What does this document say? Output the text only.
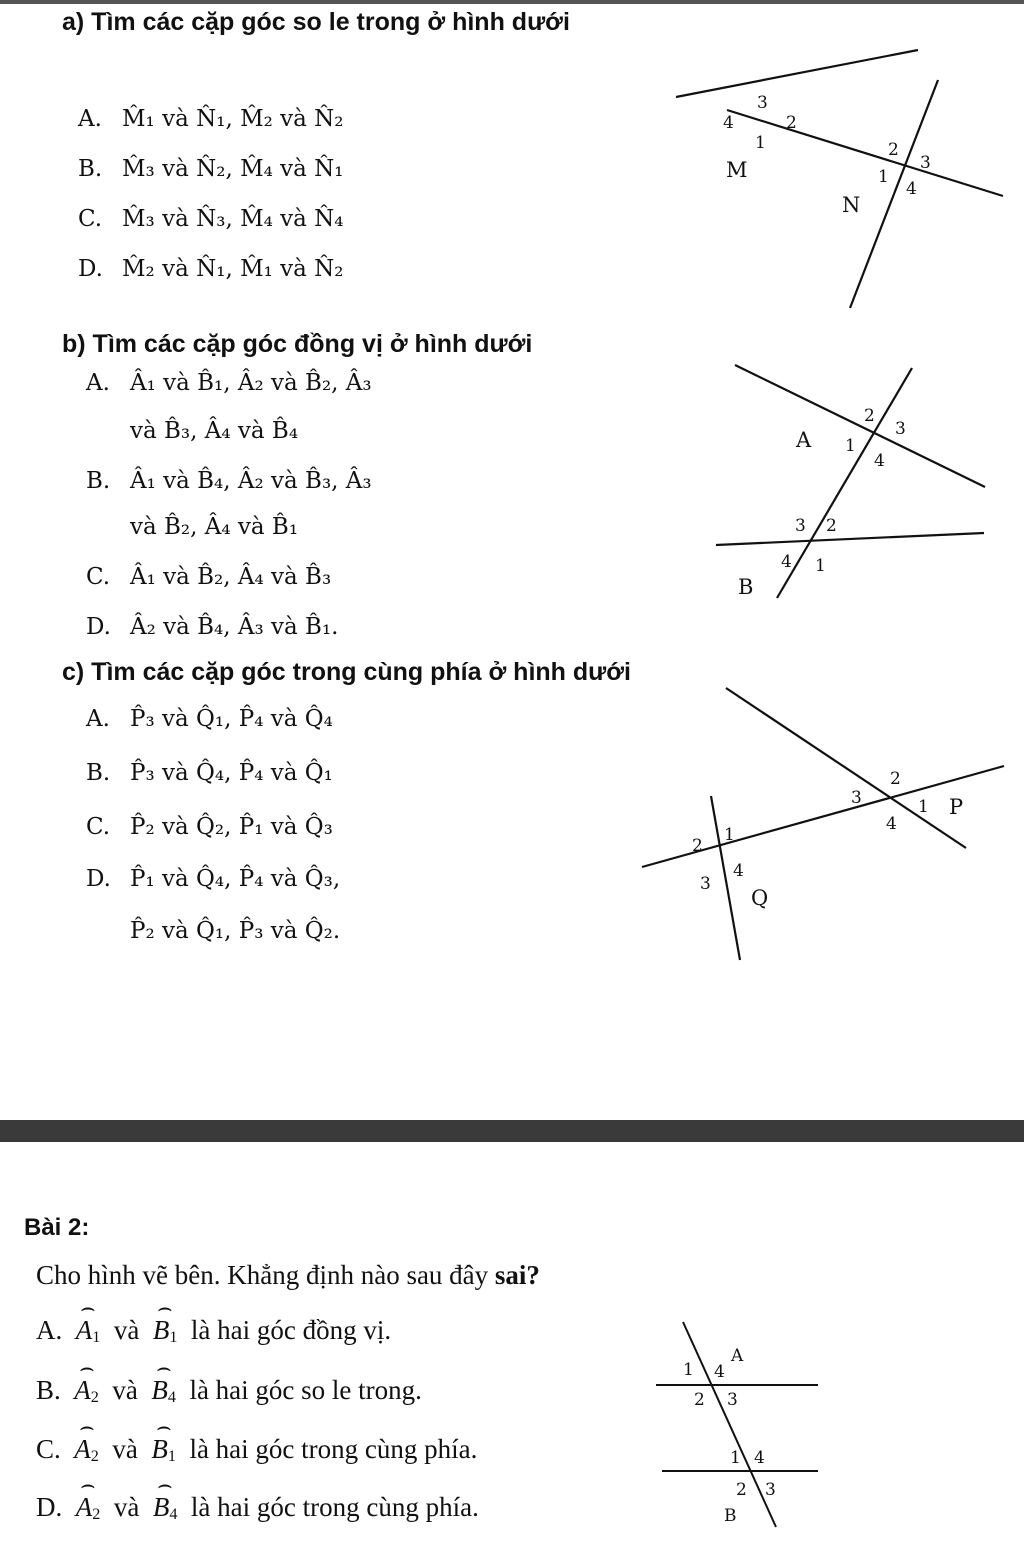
a) Tìm các cặp góc so le trong ở hình dưới
A. M̂₁ và N̂₁, M̂₂ và N̂₂
B. M̂₃ và N̂₂, M̂₄ và N̂₁
C. M̂₃ và N̂₃, M̂₄ và N̂₄
D. M̂₂ và N̂₁, M̂₁ và N̂₂
3
4	2
1
M
2
3
1
4
N
b) Tìm các cặp góc đồng vị ở hình dưới
A. Â₁ và B̂₁, Â₂ và B̂₂, Â₃
và B̂₃, Â₄ và B̂₄
B. Â₁ và B̂₄, Â₂ và B̂₃, Â₃
và B̂₂, Â₄ và B̂₁
C. Â₁ và B̂₂, Â₄ và B̂₃
D. Â₂ và B̂₄, Â₃ và B̂₁.
2
3
A 1
4
3 2
4 1
B
c) Tìm các cặp góc trong cùng phía ở hình dưới
A. P̂₃ và Q̂₁, P̂₄ và Q̂₄
B. P̂₃ và Q̂₄, P̂₄ và Q̂₁
C. P̂₂ và Q̂₂, P̂₁ và Q̂₃
D. P̂₁ và Q̂₄, P̂₄ và Q̂₃,
P̂₂ và Q̂₁, P̂₃ và Q̂₂.
2
3	1 P
4
2
1
3
4
Q
Bài 2:
Cho hình vẽ bên. Khẳng định nào sau đây sai?
A. ⌢ $A_1$ và ⌢ $B_1$ là hai góc đồng vị.
B. ⌢ $A_2$ và ⌢ $B_4$ là hai góc so le trong.
C. ⌢ $A_2$ và ⌢ $B_1$ là hai góc trong cùng phía.
D. ⌢ $A_2$ và ⌢ $B_4$ là hai góc trong cùng phía.
A
1 4
2 3
1 4
2 3
B
